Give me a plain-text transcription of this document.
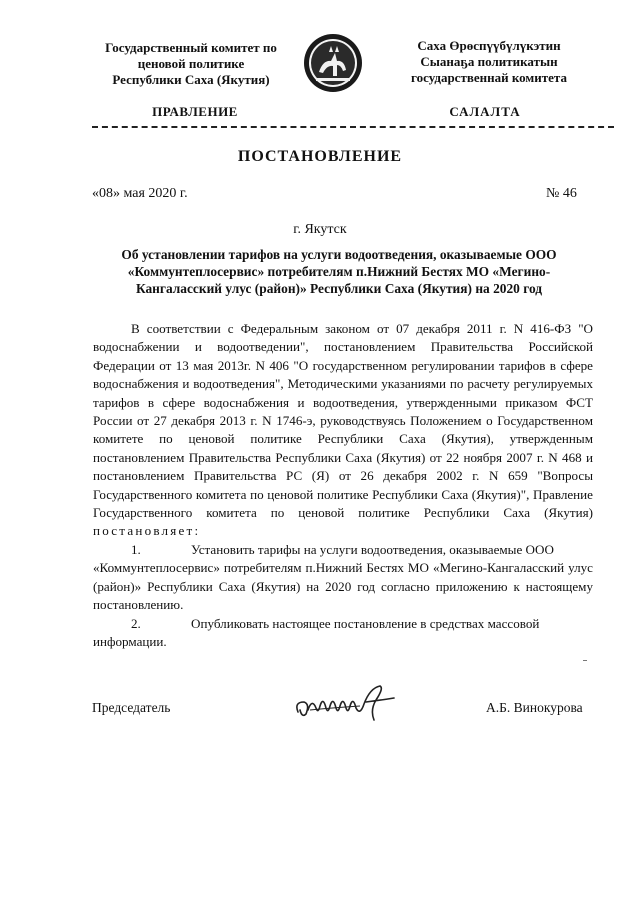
Государственный комитет по
ценовой политике
Республики Саха (Якутия)
Саха Өрөспүүбүлүкэтин
Сыанаҕа политикатын
государственнай комитета
ПРАВЛЕНИЕ	САЛАЛТА
ПОСТАНОВЛЕНИЕ
«08» мая 2020 г.	№ 46
г. Якутск
Об установлении тарифов на услуги водоотведения, оказываемые ООО «Коммунтеплосервис» потребителям п.Нижний Бестях МО «Мегино-Кангаласский улус (район)» Республики Саха (Якутия) на 2020 год

В соответствии с Федеральным законом от 07 декабря 2011 г. N 416-ФЗ "О водоснабжении и водоотведении", постановлением Правительства Российской Федерации от 13 мая 2013г. N 406 "О государственном регулировании тарифов в сфере водоснабжения и водоотведения", Методическими указаниями по расчету регулируемых тарифов в сфере водоснабжения и водоотведения, утвержденными приказом ФСТ России от 27 декабря 2013 г. N 1746-э, руководствуясь Положением о Государственном комитете по ценовой политике Республики Саха (Якутия), утвержденным постановлением Правительства Республики Саха (Якутия) от 22 ноября 2007 г. N 468 и постановлением Правительства РС (Я) от 26 декабря 2002 г. N 659 "Вопросы Государственного комитета по ценовой политике Республики Саха (Якутия)", Правление Государственного комитета по ценовой политике Республики Саха (Якутия) постановляет:

1.	Установить тарифы на услуги водоотведения, оказываемые ООО

«Коммунтеплосервис» потребителям п.Нижний Бестях МО «Мегино-Кангаласский улус (район)» Республики Саха (Якутия) на 2020 год согласно приложению к настоящему постановлению.

2.	Опубликовать настоящее постановление в средствах массовой

информации.

Председатель	А.Б. Винокурова
